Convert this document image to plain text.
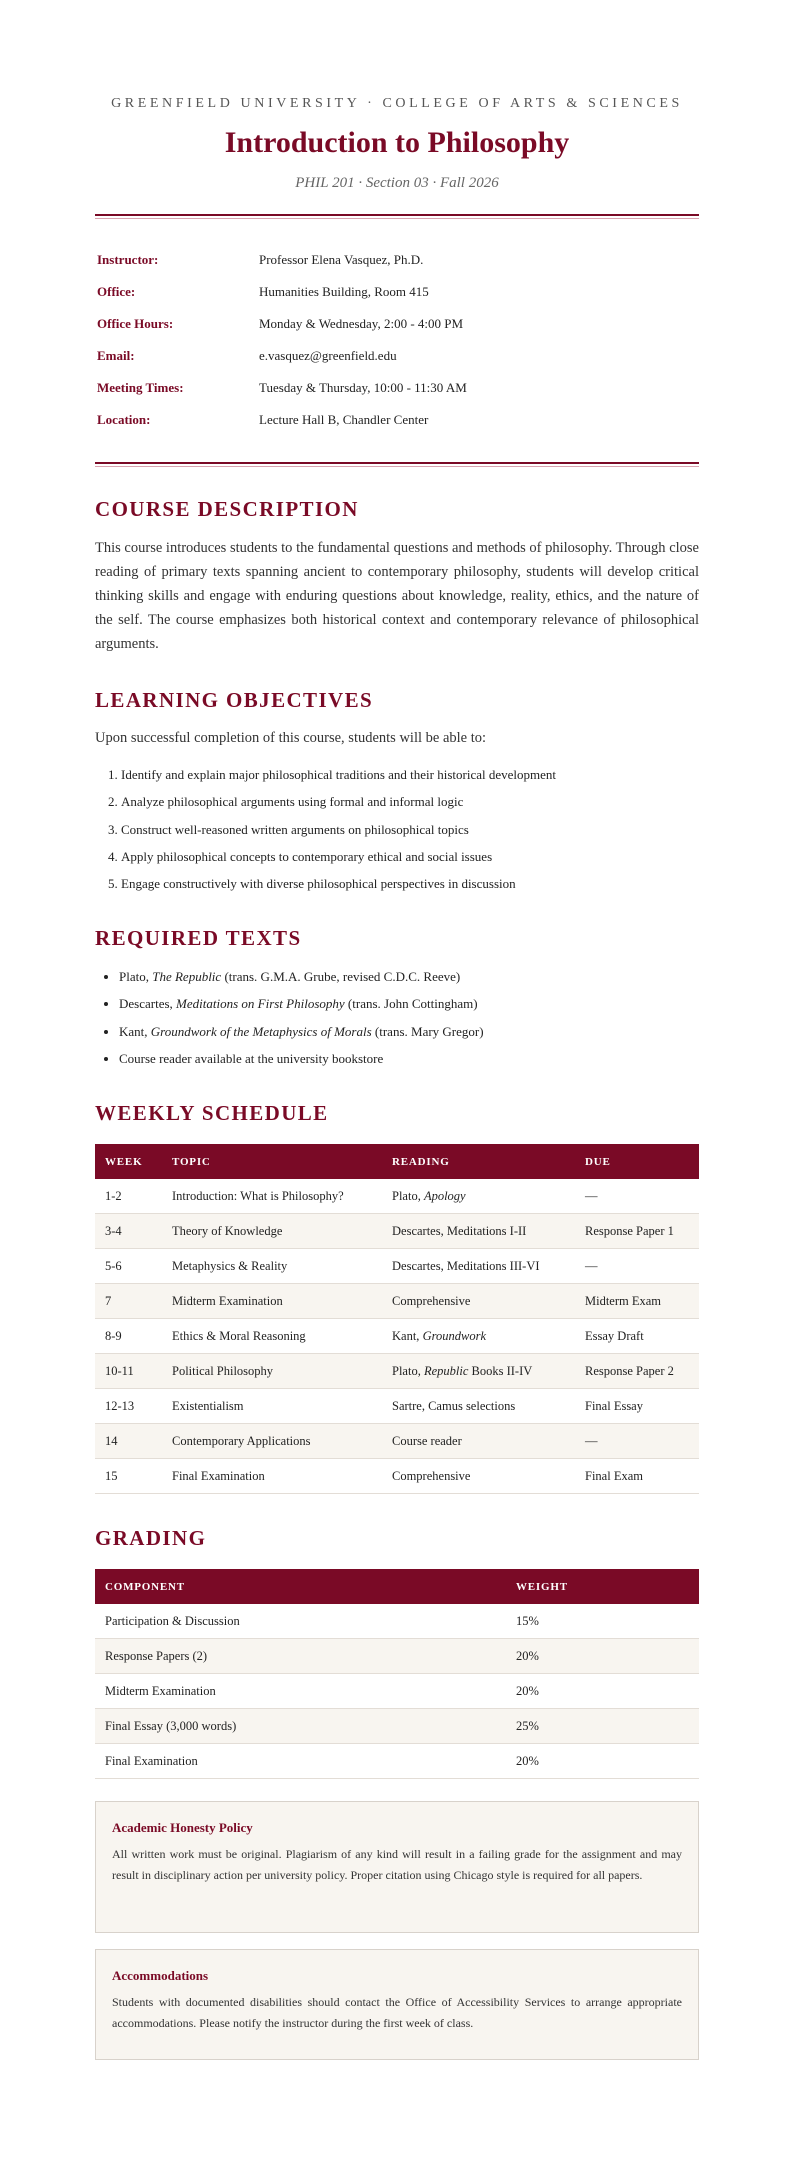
GREENFIELD UNIVERSITY · COLLEGE OF ARTS & SCIENCES
Introduction to Philosophy
PHIL 201 · Section 03 · Fall 2026
Instructor:	Professor Elena Vasquez, Ph.D.
Office:	Humanities Building, Room 415
Office Hours:	Monday & Wednesday, 2:00 - 4:00 PM
Email:	e.vasquez@greenfield.edu
Meeting Times:	Tuesday & Thursday, 10:00 - 11:30 AM
Location:	Lecture Hall B, Chandler Center
COURSE DESCRIPTION

This course introduces students to the fundamental questions and methods of philosophy. Through close reading of primary texts spanning ancient to contemporary philosophy, students will develop critical thinking skills and engage with enduring questions about knowledge, reality, ethics, and the nature of the self. The course emphasizes both historical context and contemporary relevance of philosophical arguments.

LEARNING OBJECTIVES
Upon successful completion of this course, students will be able to:
1. Identify and explain major philosophical traditions and their historical development
2. Analyze philosophical arguments using formal and informal logic
3. Construct well-reasoned written arguments on philosophical topics
4. Apply philosophical concepts to contemporary ethical and social issues
5. Engage constructively with diverse philosophical perspectives in discussion
REQUIRED TEXTS
• Plato, The Republic (trans. G.M.A. Grube, revised C.D.C. Reeve)
• Descartes, Meditations on First Philosophy (trans. John Cottingham)
• Kant, Groundwork of the Metaphysics of Morals (trans. Mary Gregor)
• Course reader available at the university bookstore
WEEKLY SCHEDULE
WEEK	TOPIC	READING	DUE
1-2	Introduction: What is Philosophy?	Plato, Apology	—
3-4	Theory of Knowledge	Descartes, Meditations I-II	Response Paper 1
5-6	Metaphysics & Reality	Descartes, Meditations III-VI	—
7	Midterm Examination	Comprehensive	Midterm Exam
8-9	Ethics & Moral Reasoning	Kant, Groundwork	Essay Draft
10-11	Political Philosophy	Plato, Republic Books II-IV	Response Paper 2
12-13	Existentialism	Sartre, Camus selections	Final Essay
14	Contemporary Applications	Course reader	—
15	Final Examination	Comprehensive	Final Exam
GRADING
COMPONENT	WEIGHT
Participation & Discussion	15%
Response Papers (2)	20%
Midterm Examination	20%
Final Essay (3,000 words)	25%
Final Examination	20%
Academic Honesty Policy
All written work must be original. Plagiarism of any kind will result in a failing grade for the assignment and may result in disciplinary action per university policy. Proper citation using Chicago style is required for all papers.
Accommodations
Students with documented disabilities should contact the Office of Accessibility Services to arrange appropriate accommodations. Please notify the instructor during the first week of class.
